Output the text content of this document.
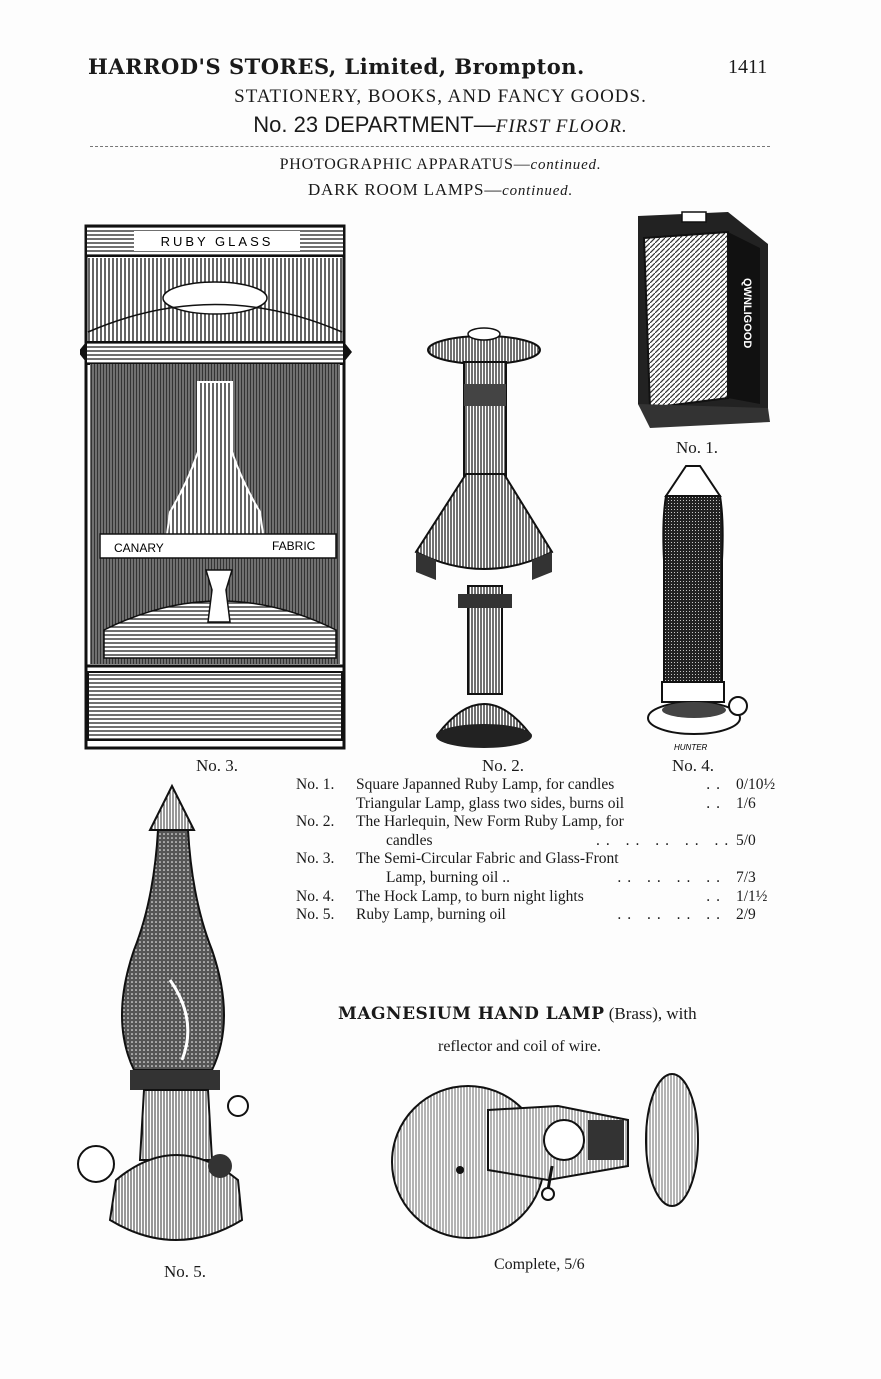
HARROD'S STORES, Limited, Brompton.	1411
STATIONERY, BOOKS, AND FANCY GOODS.
No. 23 DEPARTMENT—FIRST FLOOR.
PHOTOGRAPHIC APPARATUS—continued.
DARK ROOM LAMPS—continued.
RUBY GLASS
CANARY	FABRIC
No. 3.	No. 2.
QWNLIGOOD
No. 1.
HUNTER
No. 4.
No. 1. Square Japanned Ruby Lamp, for candles	.. 0/10½
Triangular Lamp, glass two sides, burns oil	.. 1/6
No. 2. The Harlequin, New Form Ruby Lamp, for
candles	.. .. .. .. .. 5/0
No. 3. The Semi-Circular Fabric and Glass-Front
Lamp, burning oil ..	.. .. .. .. 7/3
No. 4. The Hock Lamp, to burn night lights	.. 1/1½
No. 5. Ruby Lamp, burning oil	.. .. .. .. 2/9
No. 5.
MAGNESIUM HAND LAMP (Brass), with
reflector and coil of wire.
Complete, 5/6
